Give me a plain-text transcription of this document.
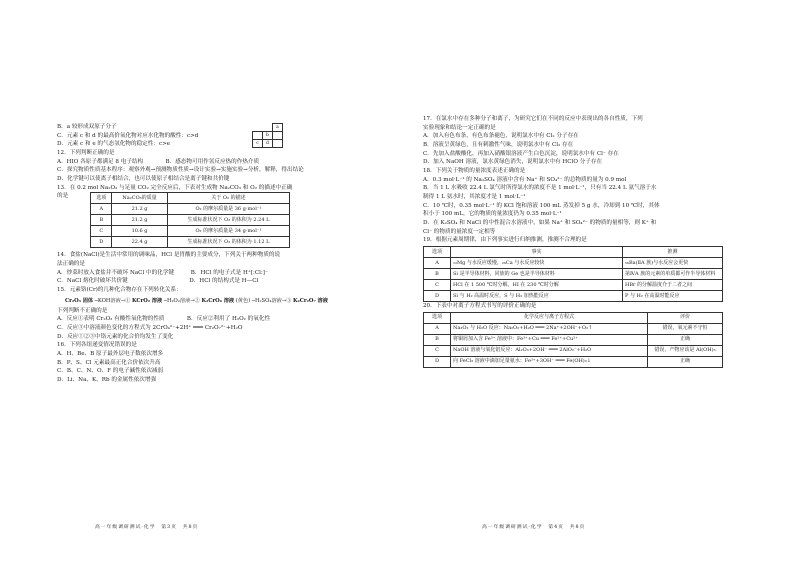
B．a 较形成双原子分子
C．元素 c 和 d 的最高价氧化物对应水化物的酸性：c>d
D．元素 c 和 e 的气态氢化物的稳定性：c>e
12．下列判断正确的是
A．HIO 各原子都满足 8 电子结构　　　　B．感态物可用作氢反应热的作热介质
C．探究物质性质基本程序：观察外观→预测物质性质→设计实验→实施实验→分析，解释，得出结论
D．化学键可以使离子相结合，也可以使原子相结合是离子键和共价键
13．在 0.2 mol Na₂O₂ 与足量 CO₂ 完全反应后，下表对生成物 Na₂CO₃ 和 O₂ 的描述中正确
的是	选项	Na₂CO₃的质量	关于 O₂ 的描述
A	21.2 g	O₂ 的摩尔质量是 36 g·mol⁻¹
B	21.2 g	生成标准状况下 O₂ 的体积为 2.24 L
C	10.6 g	O₂ 的摩尔质量是 34 g·mol⁻¹
D	22.4 g	生成标准状况下 O₂ 的体积为 1.12 L
14．食盐(NaCl)是生活中常用的调味品，HCl 是胃酸的主要成分，下列关于两种物质的说
法正确的是
A．炒菜时放入食盐并不破坏 NaCl 中的化学键　　　B．HCl 的电子式是 H⁺[:Cl:]⁻
C．NaCl 熔化时破坏共价键　　　　　　　　　　　D．HCl 的结构式是 H—Cl
15．元素铬(Cr)的几种化合物存在下列转化关系：
Cr₂O₃ 固体 ─KOH溶液→① KCrO₂ 溶液 ─H₂O₂溶液→② K₂CrO₄ 溶液 (黄色) ─H₂SO₄溶液→③ K₂Cr₂O₇ 溶液
下列判断不正确的是
A．反应①表明 Cr₂O₃ 有酸性氧化物的性质　　　　B．反应②利用了 H₂O₂ 的氧化性
C．反应③中溶液颜色变化的方程式为 2CrO₄²⁻+2H⁺ ═══ Cr₂O₇²⁻+H₂O
D．反应①②③中铬元素的化合价均发生了变化
16．下列各组递变情况错误的是
A．H、Be、B 原子最外层电子数依次增多
B．P、S、Cl 元素最高正化合价依次升高
C．B、C、N、O、F 的电子碱性依次减弱
D．Li、Na、K、Rb 的金属性依次增强
		a
	b	
c	d	
高一年级调研测试·化学　第3页　共8页
17．在氯水中存在多种分子和离子，为研究它们在不同的反应中表现出的各自性质，下列
实验现象和结论一定正确的是
A．加入有色布条，有色布条褪色，说明氯水中有 Cl₂ 分子存在
B．溶液呈黄绿色，且有刺激性气味，说明氯水中有 Cl₂ 存在
C．先加入盐酸酸化，再加入硝酸银溶液产生白色沉淀，说明氯水中有 Cl⁻ 存在
D．加入 NaOH 溶液，氯水黄绿色消失，说明氯水中有 HClO 分子存在
18．下列关于物质的量浓度表述正确的是
A．0.3 mol·L⁻¹ 的 Na₂SO₄ 溶液中含有 Na⁺ 和 SO₄²⁻ 的总物质的量为 0.9 mol
B．当 1 L 水吸收 22.4 L 氯气时所得氯水的浓度不是 1 mol·L⁻¹，只有当 22.4 L 氨气溶于水
制得 1 L 氨水时，其浓度才是 1 mol·L⁻¹
C．10 ℃时，0.35 mol·L⁻¹ 的 KCl 饱和溶液 100 mL 蒸发掉 5 g 水，冷却到 10 ℃时，其体
积小于 100 mL，它的物质的量浓度仍为 0.35 mol·L⁻¹
D．在 K₂SO₄ 和 NaCl 的中性混合水溶液中，如果 Na⁺ 和 SO₄²⁻ 的物质的量相等，则 K⁺ 和
Cl⁻ 的物质的量浓度一定相等
19．根据元素周期律，由下列事实进行归纳推测，推测不合理的是
选项	事实	推测
A	₁₂Mg 与水反应缓慢，₂₀Ca 与水反应较快	₅₆Ba(ⅡA 族)与水反应会更快
B	Si 是半导体材料，同族的 Ge 也是半导体材料	第ⅣA 族的元素的单质都可作半导体材料
C	HCl 在 1 500 ℃时分解，HI 在 230 ℃时分解	HBr 的分解温度介于二者之间
D	Si 与 H₂ 高温时反应，S 与 H₂ 加热能反应	P 与 H₂ 在高温时能反应
20．下表中对离子方程式书写的评价正确的是
选项	化学反应与离子方程式	评价
A	Na₂O₂ 与 H₂O 反应：Na₂O₂+H₂O ═══ 2Na⁺+2OH⁻+O₂↑	错误，氧元素不守恒
B	将铜屑加入含 Fe³⁺ 溶液中：Fe³⁺+Cu ═══ Fe²⁺+Cu²⁺	正确
C	NaOH 溶液与氧化铝反应：Al₂O₃+2OH⁻ ═══ 2AlO₂⁻+H₂O	错误，产物应该是 Al(OH)₃
D	向 FeCl₃ 溶液中滴加足量氨水：Fe³⁺+3OH⁻ ═══ Fe(OH)₃↓	正确
高一年级调研测试·化学　第4页　共8页
